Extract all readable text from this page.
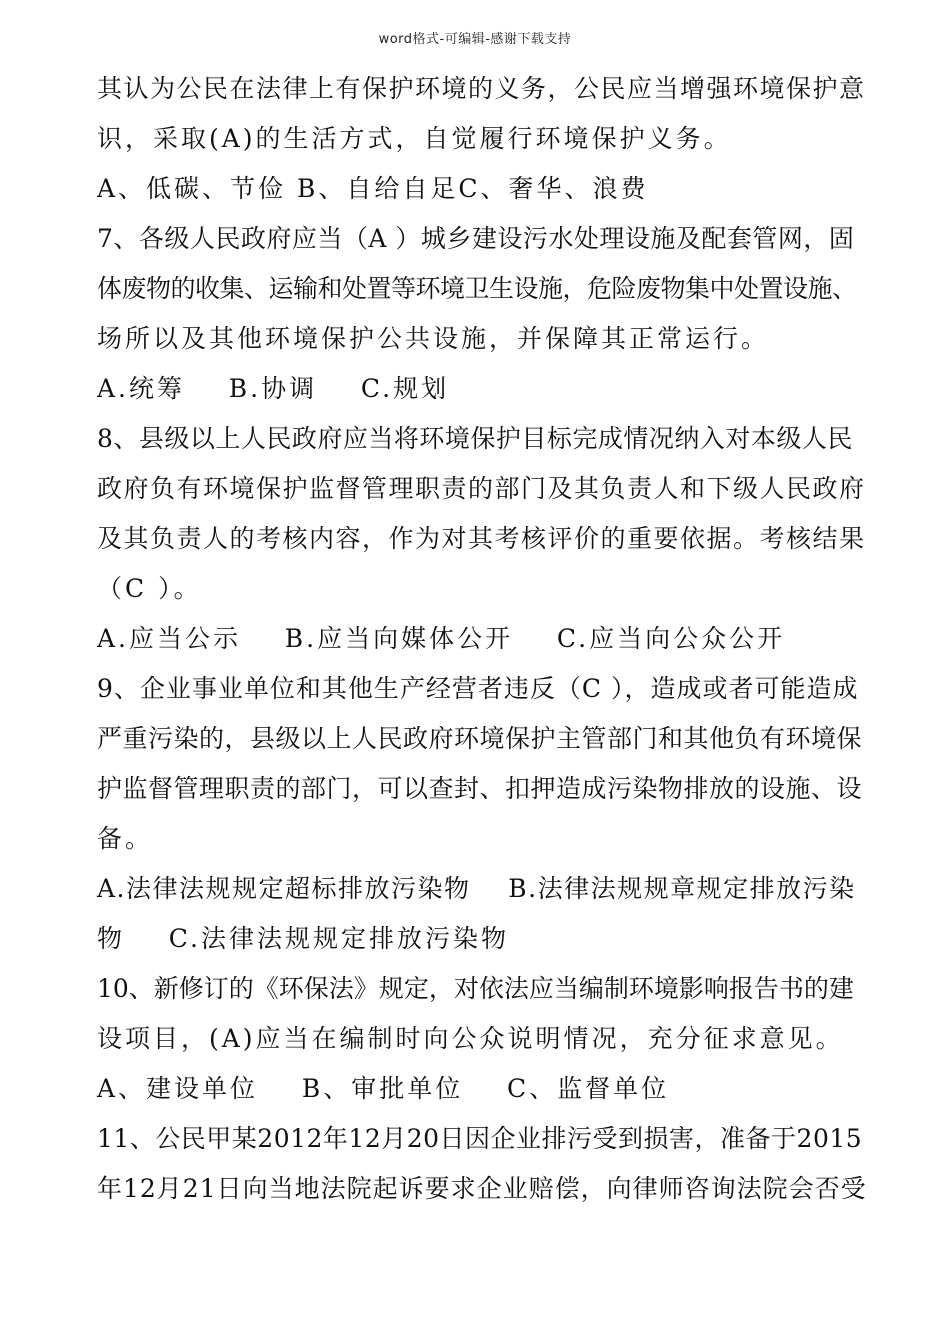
word格式-可编辑-感谢下载支持
其认为公民在法律上有保护环境的义务，公民应当增强环境保护意
识，采取(A)的生活方式，自觉履行环境保护义务。
A、低碳、节俭 B、自给自足C、奢华、浪费
7、各级人民政府应当（A ）城乡建设污水处理设施及配套管网，固
体废物的收集、运输和处置等环境卫生设施，危险废物集中处置设施、
场所以及其他环境保护公共设施，并保障其正常运行。
A.统筹    B.协调    C.规划
8、县级以上人民政府应当将环境保护目标完成情况纳入对本级人民
政府负有环境保护监督管理职责的部门及其负责人和下级人民政府
及其负责人的考核内容，作为对其考核评价的重要依据。考核结果
（C ）。
A.应当公示    B.应当向媒体公开    C.应当向公众公开
9、企业事业单位和其他生产经营者违反（C ），造成或者可能造成
严重污染的，县级以上人民政府环境保护主管部门和其他负有环境保
护监督管理职责的部门，可以查封、扣押造成污染物排放的设施、设
备。
A.法律法规规定超标排放污染物    B.法律法规规章规定排放污染
物    C.法律法规规定排放污染物
10、新修订的《环保法》规定，对依法应当编制环境影响报告书的建
设项目，(A)应当在编制时向公众说明情况，充分征求意见。
A、建设单位    B、审批单位    C、监督单位
11、公民甲某2012年12月20日因企业排污受到损害，准备于2015
年12月21日向当地法院起诉要求企业赔偿，向律师咨询法院会否受
